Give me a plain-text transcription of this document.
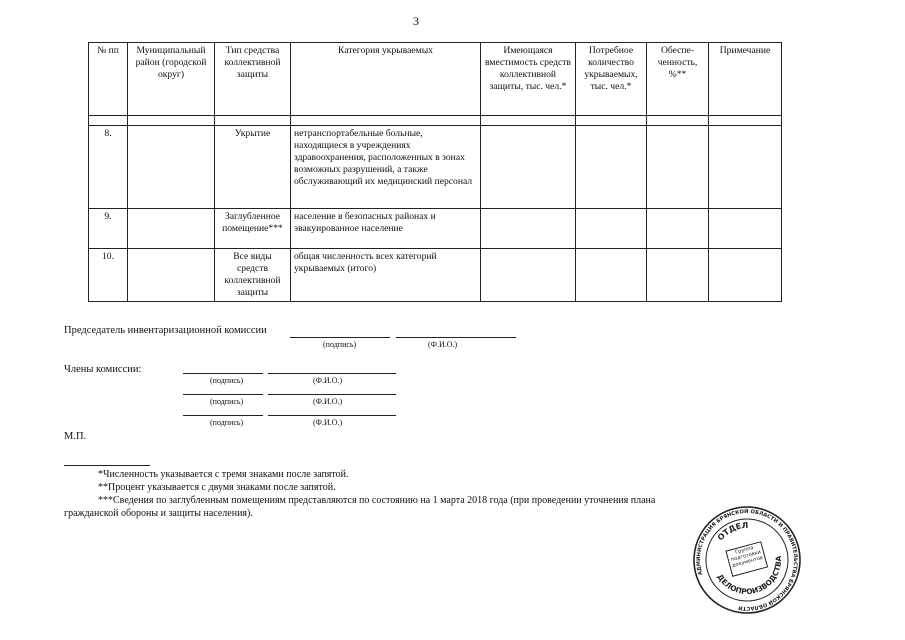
3
№ пп	Муниципальный район (городской округ)	Тип средства коллективной защиты	Категория укрываемых	Имеющаяся вместимость средств коллективной защиты, тыс. чел.*	Потребное количество укрываемых, тыс. чел.*	Обеспе-ченность, %**	Примечание

8.		Укрытие	нетранспортабельные больные, находящиеся в учреждениях здравоохранения, расположенных в зонах возможных разрушений, а также обслуживающий их медицинский персонал				
9.		Заглубленное помещение***	население в безопасных районах и эвакуированное население				
10.		Все виды средств коллективной защиты	общая численность всех категорий укрываемых (итого)				
Председатель инвентаризационной комиссии
(подпись)	(Ф.И.О.)
Члены комиссии:
(подпись)	(Ф.И.О.)
(подпись)	(Ф.И.О.)
(подпись)	(Ф.И.О.)
М.П.
*Численность указывается с тремя знаками после запятой.
**Процент указывается с двумя знаками после запятой.
***Сведения по заглубленным помещениям представляются по состоянию на 1 марта 2018 года (при проведении уточнения плана
гражданской обороны и защиты населения).
АДМИНИСТРАЦИЯ БРЯНСКОЙ ОБЛАСТИ И ПРАВИТЕЛЬСТВА БРЯНСКОЙ ОБЛАСТИ
ОТДЕЛ
ДЕЛОПРОИЗВОДСТВА
Группа подготовки документов
